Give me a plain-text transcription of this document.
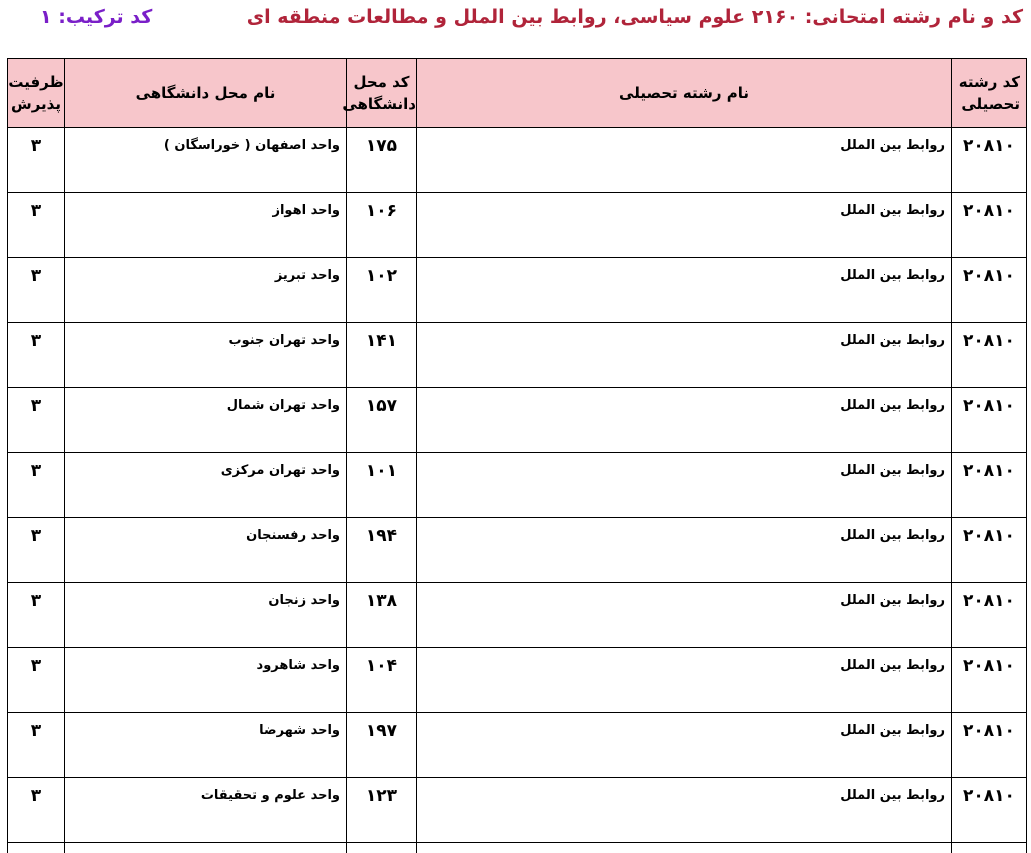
کد و نام رشته امتحانی: ۲۱۶۰ علوم سیاسی، روابط بین الملل و مطالعات منطقه ای
کد ترکیب: ۱
کد رشته تحصیلی	نام رشته تحصیلی	کد محل دانشگاهی	نام محل دانشگاهی	ظرفیت پذیرش
۲۰۸۱۰	روابط بین الملل	۱۷۵	واحد اصفهان ( خوراسگان )	۳
۲۰۸۱۰	روابط بین الملل	۱۰۶	واحد اهواز	۳
۲۰۸۱۰	روابط بین الملل	۱۰۲	واحد تبریز	۳
۲۰۸۱۰	روابط بین الملل	۱۴۱	واحد تهران جنوب	۳
۲۰۸۱۰	روابط بین الملل	۱۵۷	واحد تهران شمال	۳
۲۰۸۱۰	روابط بین الملل	۱۰۱	واحد تهران مرکزی	۳
۲۰۸۱۰	روابط بین الملل	۱۹۴	واحد رفسنجان	۳
۲۰۸۱۰	روابط بین الملل	۱۳۸	واحد زنجان	۳
۲۰۸۱۰	روابط بین الملل	۱۰۴	واحد شاهرود	۳
۲۰۸۱۰	روابط بین الملل	۱۹۷	واحد شهرضا	۳
۲۰۸۱۰	روابط بین الملل	۱۲۳	واحد علوم و تحقیقات	۳
